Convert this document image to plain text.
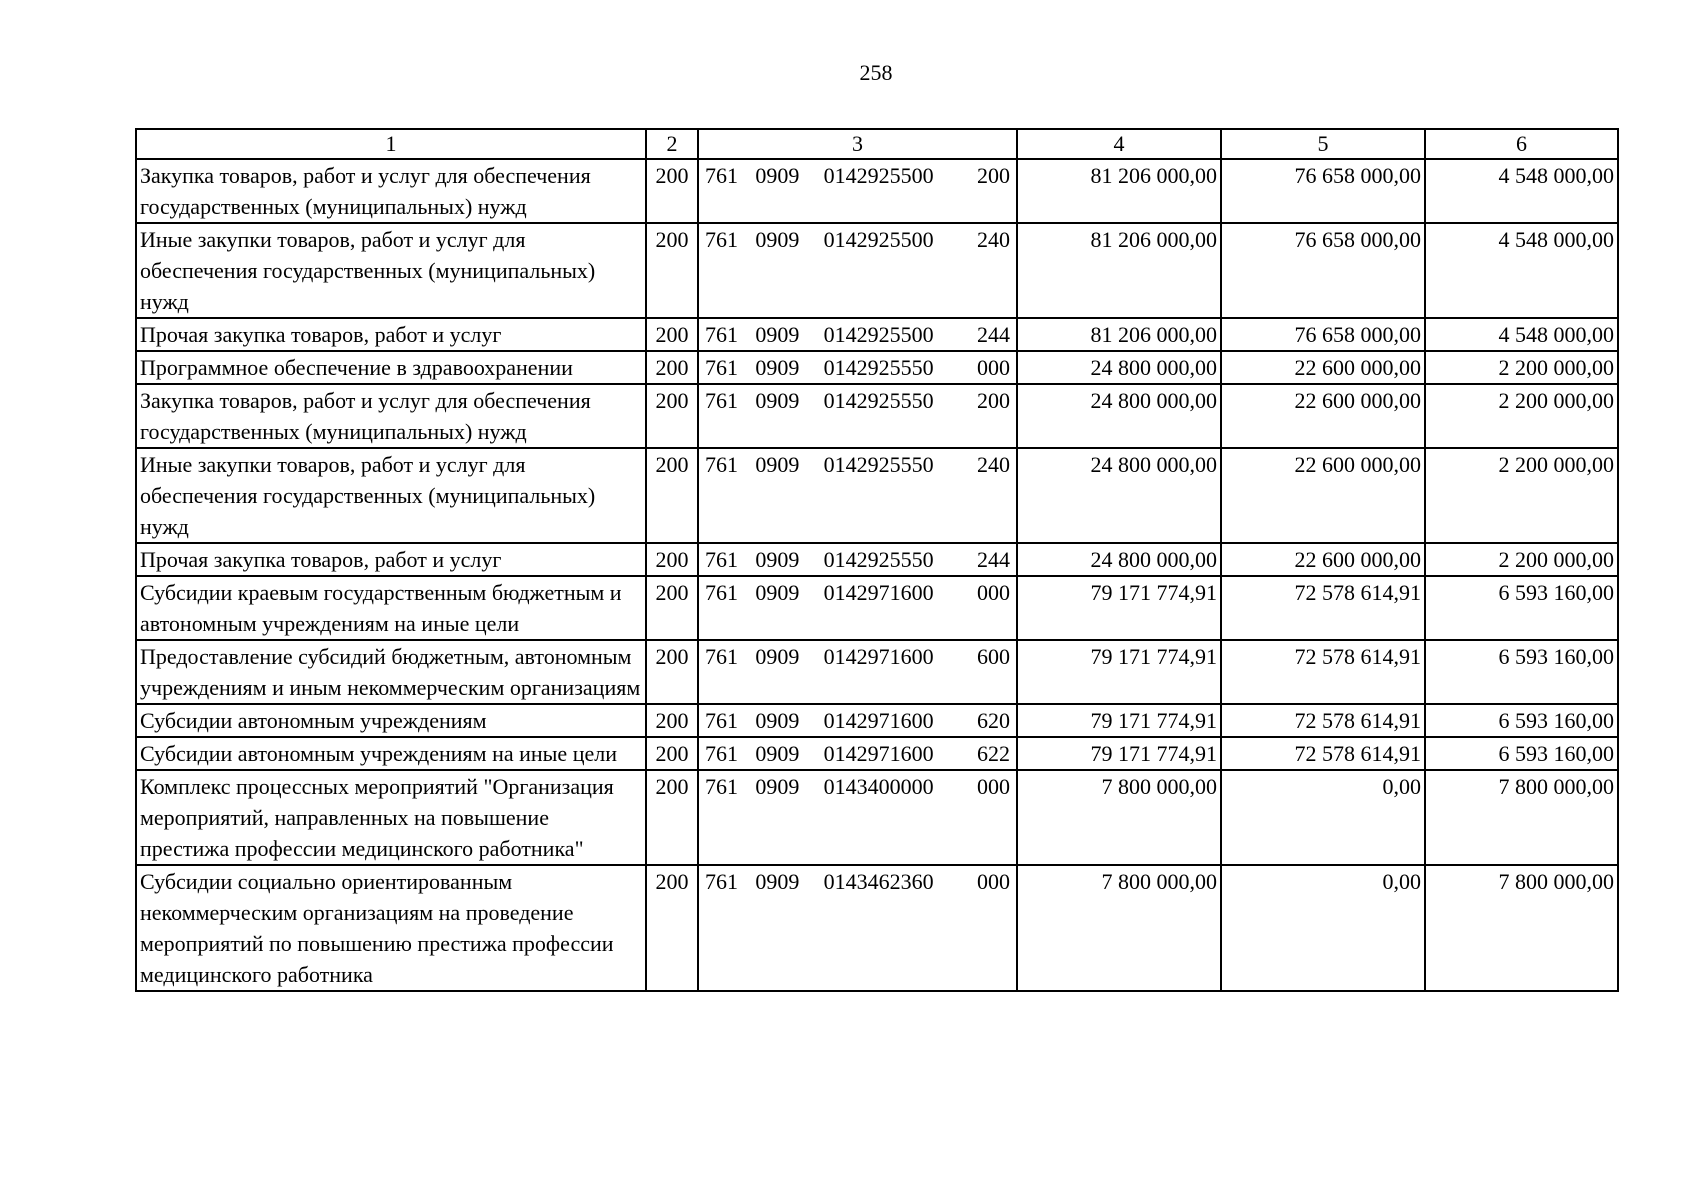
258
1	2	3	4	5	6
Закупка товаров, работ и услуг для обеспечения государственных (муниципальных) нужд	200	761 0909 0142925500 200	81 206 000,00	76 658 000,00	4 548 000,00
Иные закупки товаров, работ и услуг для обеспечения государственных (муниципальных) нужд	200	761 0909 0142925500 240	81 206 000,00	76 658 000,00	4 548 000,00
Прочая закупка товаров, работ и услуг	200	761 0909 0142925500 244	81 206 000,00	76 658 000,00	4 548 000,00
Программное обеспечение в здравоохранении	200	761 0909 0142925550 000	24 800 000,00	22 600 000,00	2 200 000,00
Закупка товаров, работ и услуг для обеспечения государственных (муниципальных) нужд	200	761 0909 0142925550 200	24 800 000,00	22 600 000,00	2 200 000,00
Иные закупки товаров, работ и услуг для обеспечения государственных (муниципальных) нужд	200	761 0909 0142925550 240	24 800 000,00	22 600 000,00	2 200 000,00
Прочая закупка товаров, работ и услуг	200	761 0909 0142925550 244	24 800 000,00	22 600 000,00	2 200 000,00
Субсидии краевым государственным бюджетным и автономным учреждениям на иные цели	200	761 0909 0142971600 000	79 171 774,91	72 578 614,91	6 593 160,00
Предоставление субсидий бюджетным, автономным учреждениям и иным некоммерческим организациям	200	761 0909 0142971600 600	79 171 774,91	72 578 614,91	6 593 160,00
Субсидии автономным учреждениям	200	761 0909 0142971600 620	79 171 774,91	72 578 614,91	6 593 160,00
Субсидии автономным учреждениям на иные цели	200	761 0909 0142971600 622	79 171 774,91	72 578 614,91	6 593 160,00
Комплекс процессных мероприятий "Организация мероприятий, направленных на повышение престижа профессии медицинского работника"	200	761 0909 0143400000 000	7 800 000,00	0,00	7 800 000,00
Субсидии социально ориентированным некоммерческим организациям на проведение мероприятий по повышению престижа профессии медицинского работника	200	761 0909 0143462360 000	7 800 000,00	0,00	7 800 000,00
